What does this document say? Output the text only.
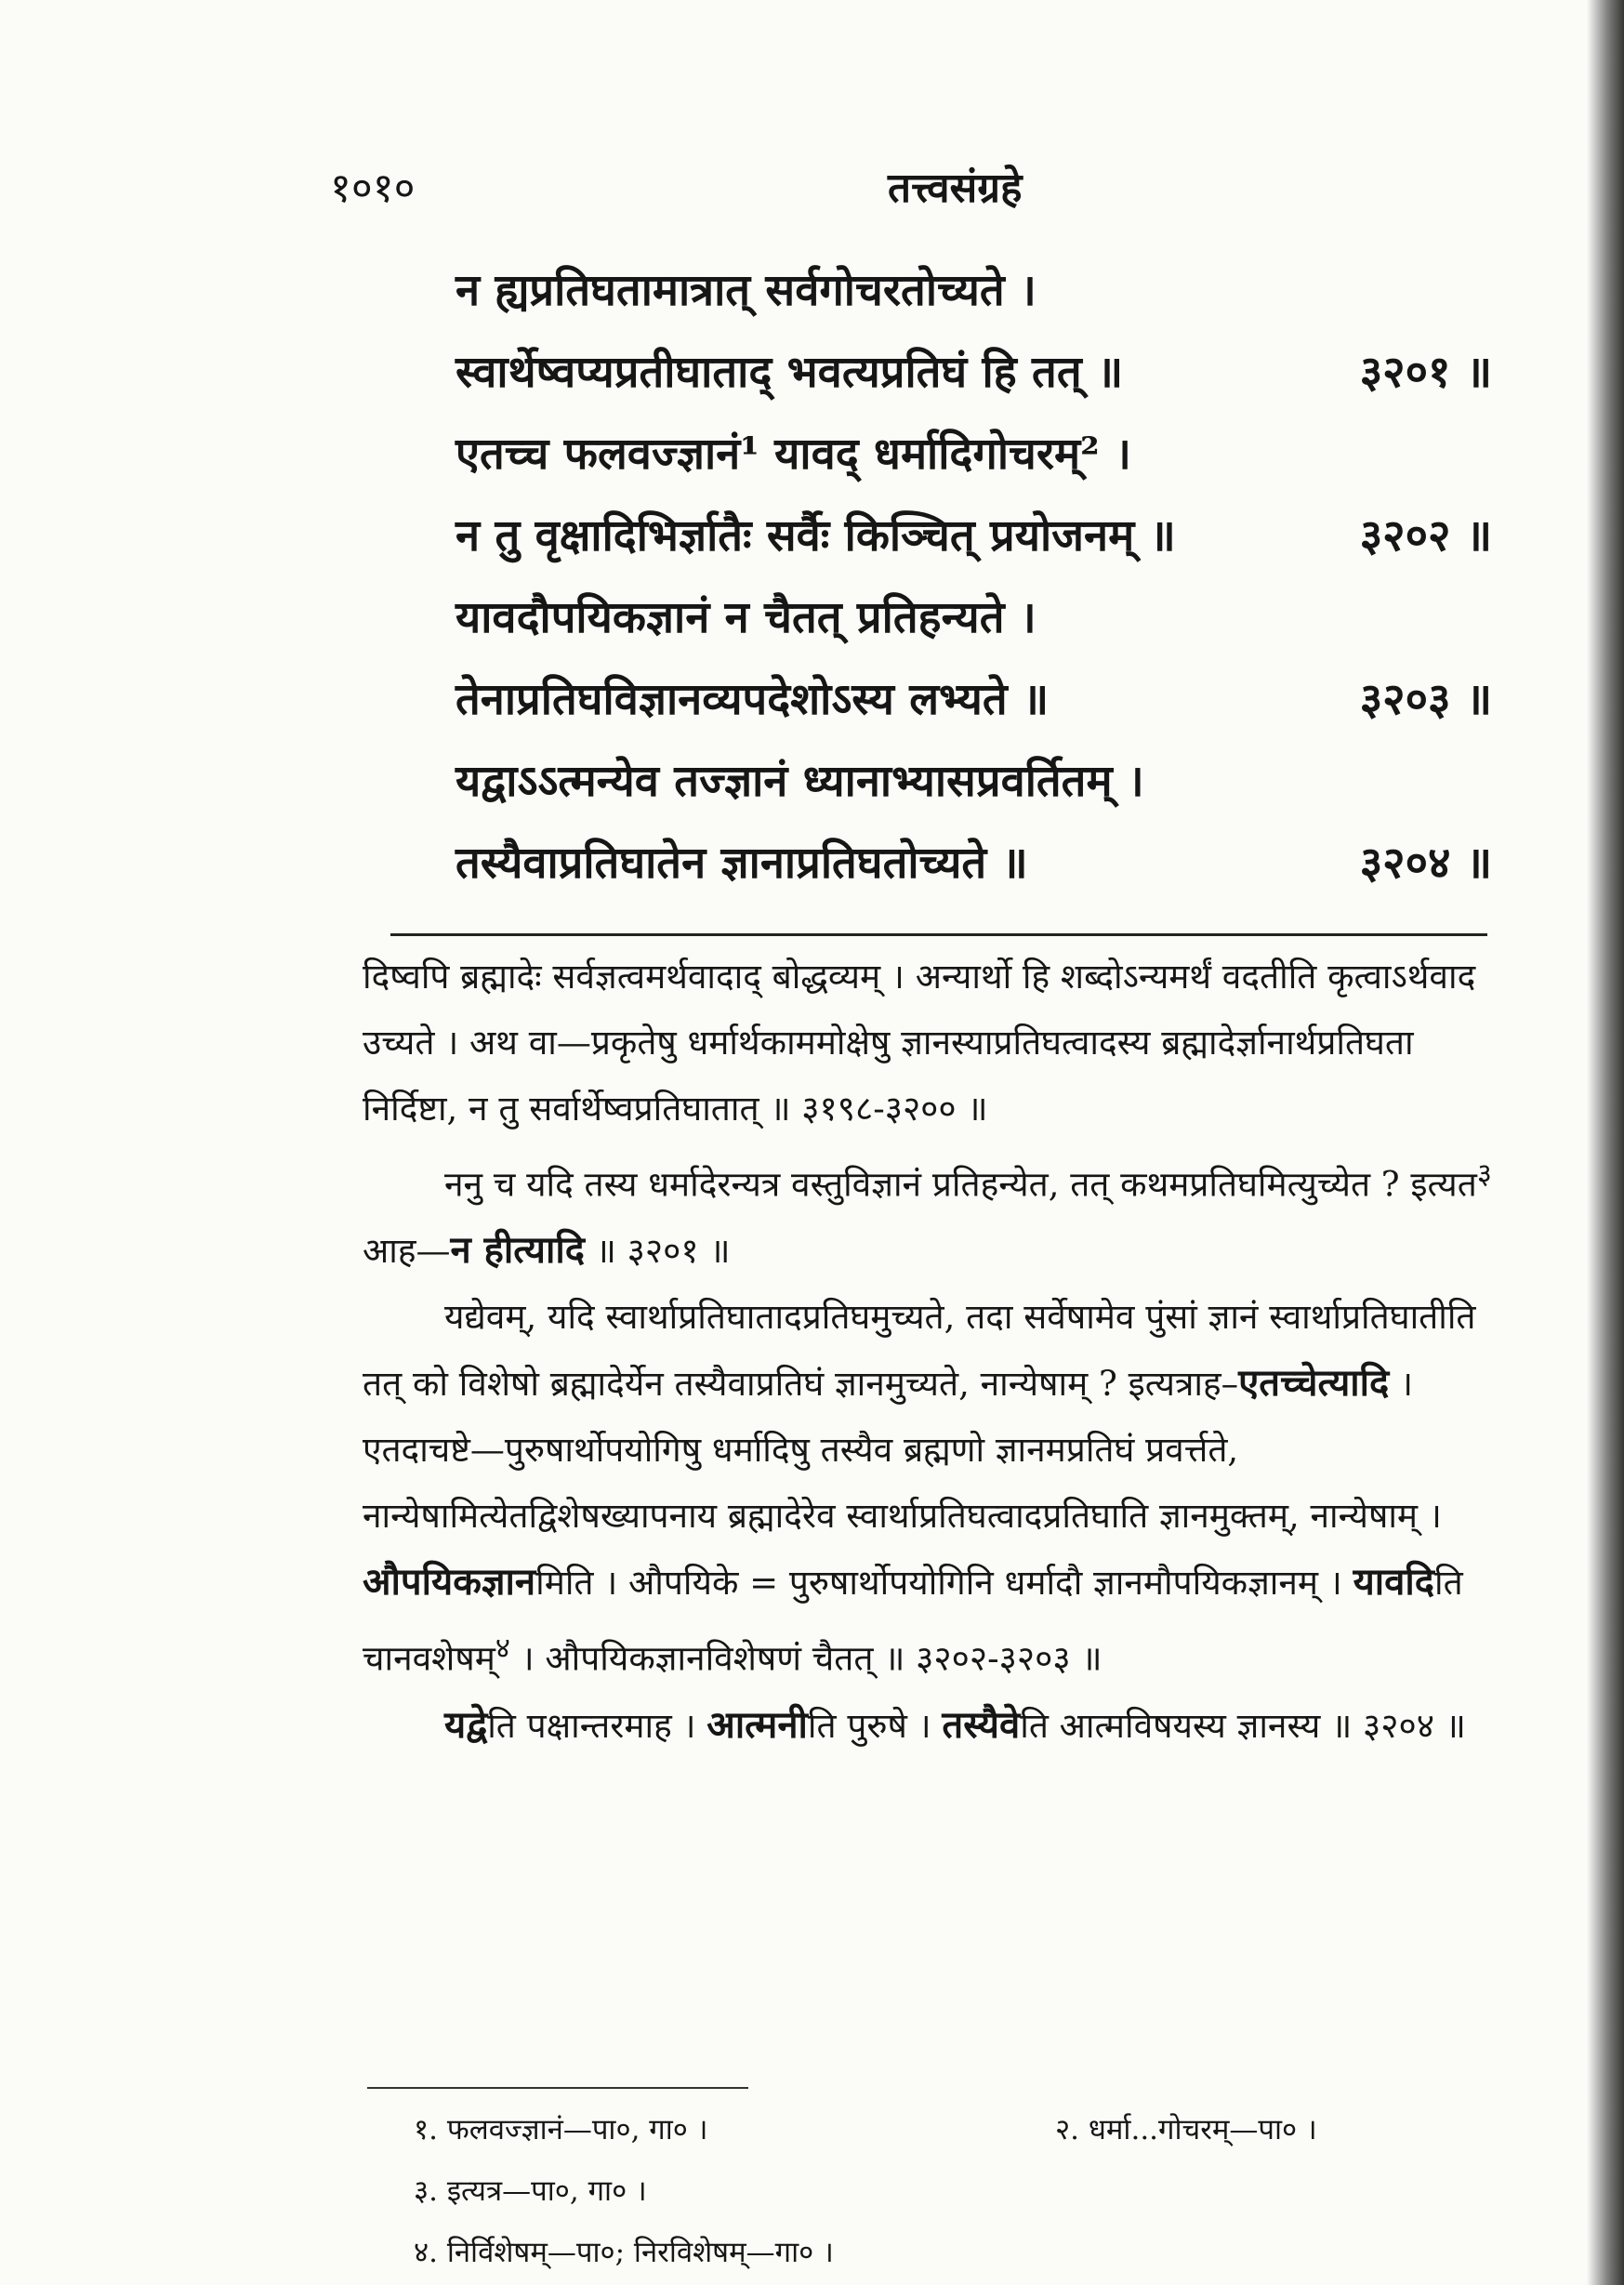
१०१०	तत्त्वसंग्रहे
न ह्यप्रतिघतामात्रात् सर्वगोचरतोच्यते ।
स्वार्थेष्वप्यप्रतीघाताद् भवत्यप्रतिघं हि तत् ॥	३२०१ ॥
एतच्च फलवज्ज्ञानं¹ यावद् धर्मादिगोचरम्² ।
न तु वृक्षादिभिर्ज्ञातैः सर्वैः किञ्चित् प्रयोजनम् ॥	३२०२ ॥
यावदौपयिकज्ञानं न चैतत् प्रतिहन्यते ।
तेनाप्रतिघविज्ञानव्यपदेशोऽस्य लभ्यते ॥	३२०३ ॥
यद्वाऽऽत्मन्येव तज्ज्ञानं ध्यानाभ्यासप्रवर्तितम् ।
तस्यैवाप्रतिघातेन ज्ञानाप्रतिघतोच्यते ॥	३२०४ ॥

दिष्वपि ब्रह्मादेः सर्वज्ञत्वमर्थवादाद् बोद्धव्यम् । अन्यार्थो हि शब्दोऽन्यमर्थं वदतीति कृत्वाऽर्थवाद उच्यते । अथ वा—प्रकृतेषु धर्मार्थकाममोक्षेषु ज्ञानस्याप्रतिघत्वादस्य ब्रह्मादेर्ज्ञानार्थप्रतिघता निर्दिष्टा, न तु सर्वार्थेष्वप्रतिघातात् ॥ ३१९८-३२०० ॥

ननु च यदि तस्य धर्मादेरन्यत्र वस्तुविज्ञानं प्रतिहन्येत, तत् कथमप्रतिघमित्युच्येत ? इत्यत$^३$ आह—न हीत्यादि ॥ ३२०१ ॥

यद्येवम्, यदि स्वार्थाप्रतिघातादप्रतिघमुच्यते, तदा सर्वेषामेव पुंसां ज्ञानं स्वार्थाप्रतिघातीति तत् को विशेषो ब्रह्मादेर्येन तस्यैवाप्रतिघं ज्ञानमुच्यते, नान्येषाम् ? इत्यत्राह–एतच्चेत्यादि । एतदाचष्टे—पुरुषार्थोपयोगिषु धर्मादिषु तस्यैव ब्रह्मणो ज्ञानमप्रतिघं प्रवर्त्तते, नान्येषामित्येतद्विशेषख्यापनाय ब्रह्मादेरेव स्वार्थाप्रतिघत्वादप्रतिघाति ज्ञानमुक्तम्, नान्येषाम् । औपयिकज्ञानमिति । औपयिके = पुरुषार्थोपयोगिनि धर्मादौ ज्ञानमौपयिकज्ञानम् । यावदिति चानवशेषम्$^४$ । औपयिकज्ञानविशेषणं चैतत् ॥ ३२०२-३२०३ ॥

यद्वेति पक्षान्तरमाह । आत्मनीति पुरुषे । तस्यैवेति आत्मविषयस्य ज्ञानस्य ॥ ३२०४ ॥

१. फलवज्ज्ञानं—पा०, गा० ।	२. धर्मा...गोचरम्—पा० ।
३. इत्यत्र—पा०, गा० ।
४. निर्विशेषम्—पा०; निरविशेषम्—गा० ।
